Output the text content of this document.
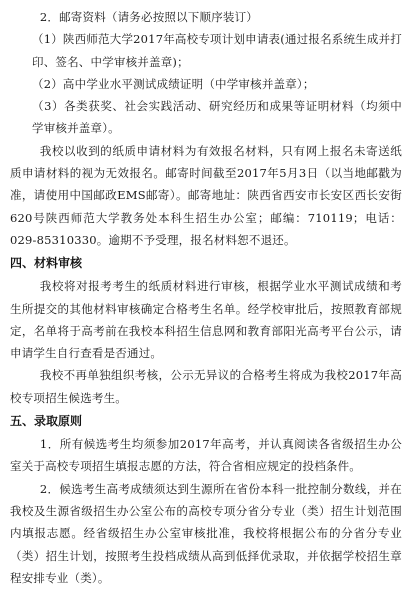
2．邮寄资料（请务必按照以下顺序装订）

（1）陕西师范大学2017年高校专项计划申请表(通过报名系统生成并打印、签名、中学审核并盖章)；

（2）高中学业水平测试成绩证明（中学审核并盖章）；

（3）各类获奖、社会实践活动、研究经历和成果等证明材料（均须中学审核并盖章）。

我校以收到的纸质申请材料为有效报名材料，只有网上报名未寄送纸质申请材料的视为无效报名。邮寄时间截至2017年5月3日（以当地邮戳为准，请使用中国邮政EMS邮寄）。邮寄地址：陕西省西安市长安区西长安街620号陕西师范大学教务处本科生招生办公室；邮编：710119；电话：029-85310330。逾期不予受理，报名材料恕不退还。

四、材料审核

我校将对报考考生的纸质材料进行审核，根据学业水平测试成绩和考生所提交的其他材料审核确定合格考生名单。经学校审批后，按照教育部规定，名单将于高考前在我校本科招生信息网和教育部阳光高考平台公示，请申请学生自行查看是否通过。

我校不再单独组织考核，公示无异议的合格考生将成为我校2017年高校专项招生候选考生。

五、录取原则

1．所有候选考生均须参加2017年高考，并认真阅读各省级招生办公室关于高校专项招生填报志愿的方法，符合省相应规定的投档条件。

2．候选考生高考成绩须达到生源所在省份本科一批控制分数线，并在我校及生源省级招生办公室公布的高校专项分省分专业（类）招生计划范围内填报志愿。经省级招生办公室审核批准，我校将根据公布的分省分专业（类）招生计划，按照考生投档成绩从高到低择优录取，并依据学校招生章程安排专业（类）。
